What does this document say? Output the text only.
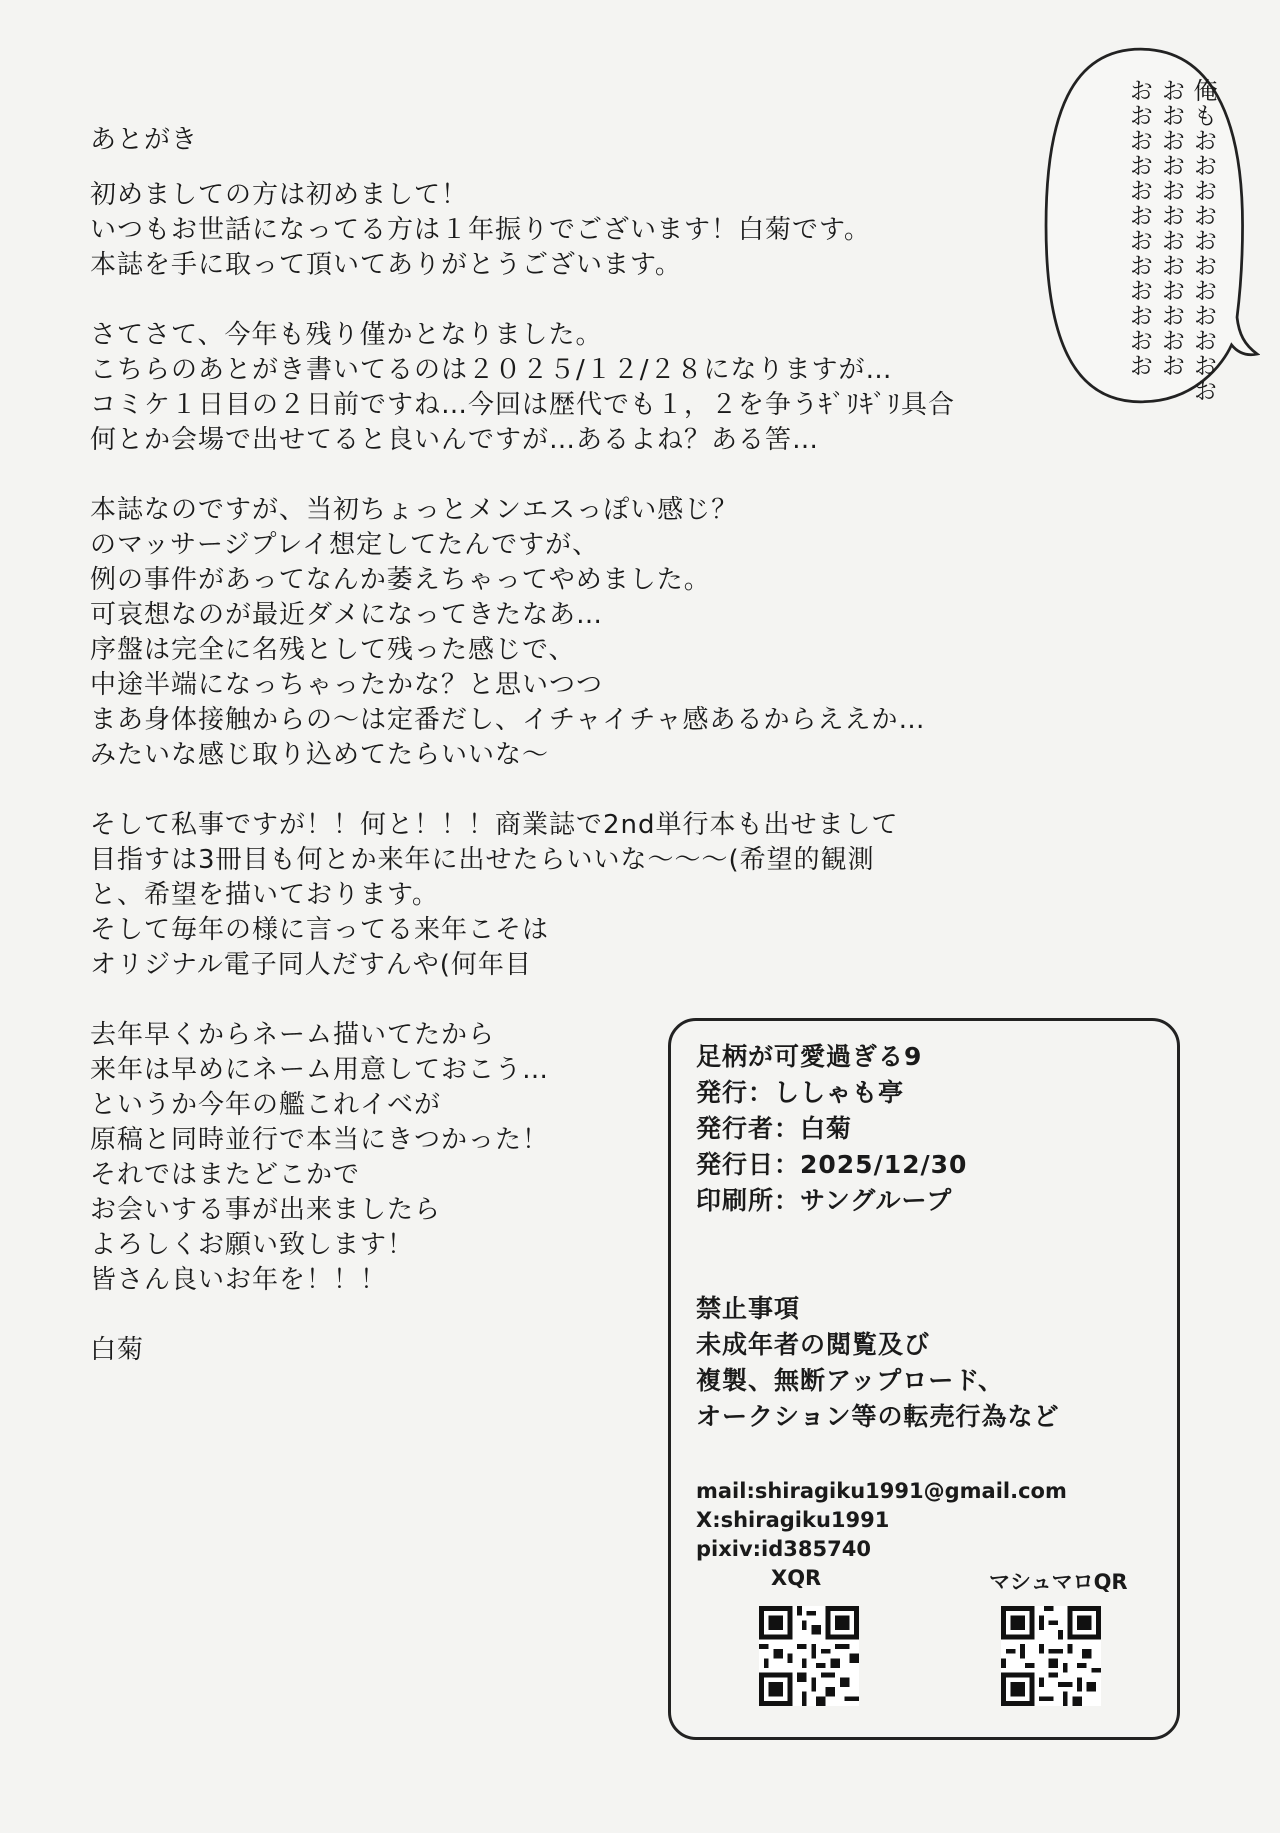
あとがき
初めましての方は初めまして！
いつもお世話になってる方は１年振りでございます！白菊です。
本誌を手に取って頂いてありがとうございます。
さてさて、今年も残り僅かとなりました。
こちらのあとがき書いてるのは２０２５/１２/２８になりますが…
コミケ１日目の２日前ですね…今回は歴代でも１，２を争うｷﾞﾘｷﾞﾘ具合
何とか会場で出せてると良いんですが…あるよね？ある筈…
本誌なのですが、当初ちょっとメンエスっぽい感じ？
のマッサージプレイ想定してたんですが、
例の事件があってなんか萎えちゃってやめました。
可哀想なのが最近ダメになってきたなあ…
序盤は完全に名残として残った感じで、
中途半端になっちゃったかな？と思いつつ
まあ身体接触からの～は定番だし、イチャイチャ感あるからええか…
みたいな感じ取り込めてたらいいな～
そして私事ですが！！何と！！！商業誌で2nd単行本も出せまして
目指すは3冊目も何とか来年に出せたらいいな～～～(希望的観測
と、希望を描いております。
そして毎年の様に言ってる来年こそは
オリジナル電子同人だすんや(何年目
去年早くからネーム描いてたから
来年は早めにネーム用意しておこう…
というか今年の艦これイベが
原稿と同時並行で本当にきつかった！
それではまたどこかで
お会いする事が出来ましたら
よろしくお願い致します！
皆さん良いお年を！！！
白菊
俺もおおおおおおおおおおお
おおおおおおおおおおおお
おおおおおおおおおおおお
足柄が可愛過ぎる9
発行：ししゃも亭
発行者：白菊
発行日：2025/12/30
印刷所：サングループ
禁止事項
未成年者の閲覧及び
複製、無断アップロード、
オークション等の転売行為など
mail:shiragiku1991@gmail.com
X:shiragiku1991
pixiv:id385740
XQR	マシュマロQR
